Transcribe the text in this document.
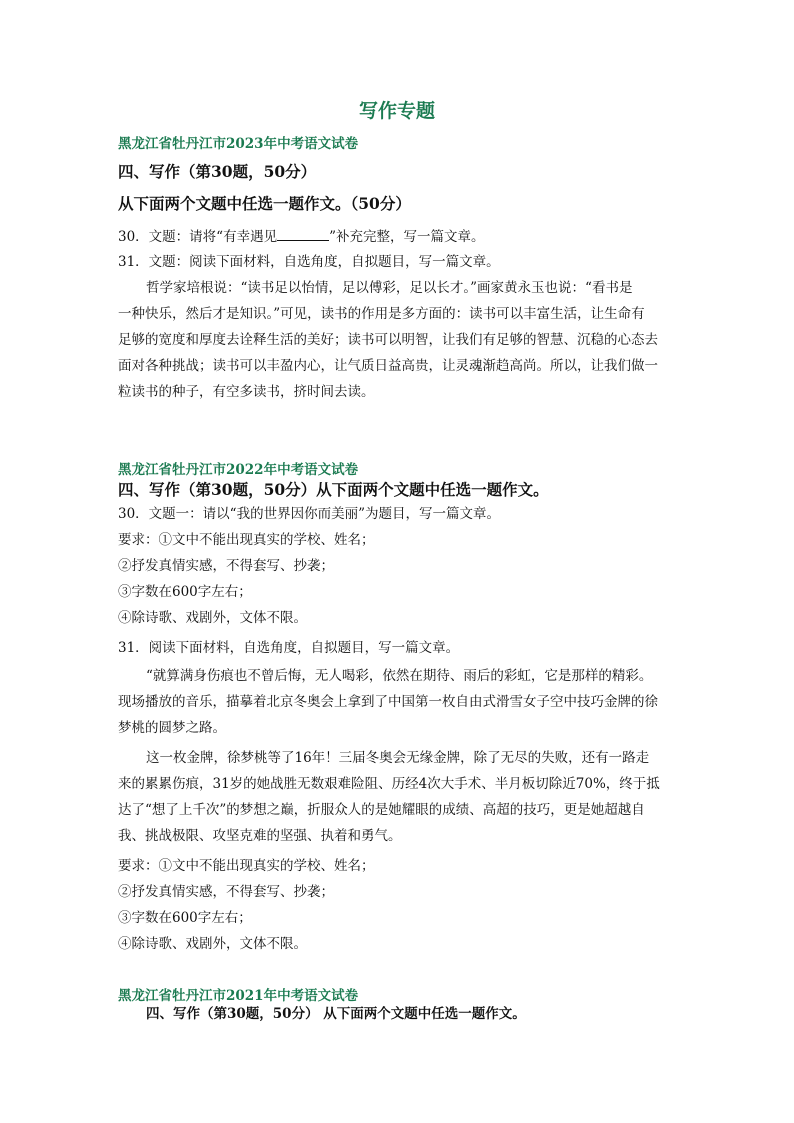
写作专题
黑龙江省牡丹江市2023年中考语文试卷
四、写作（第30题，50分）
从下面两个文题中任选一题作文。（50分）
30．文题：请将“有幸遇见	”补充完整，写一篇文章。
31．文题：阅读下面材料，自选角度，自拟题目，写一篇文章。
哲学家培根说：“读书足以怡情，足以傅彩，足以长才。”画家黄永玉也说：“看书是
一种快乐，然后才是知识。”可见，读书的作用是多方面的：读书可以丰富生活，让生命有
足够的宽度和厚度去诠释生活的美好；读书可以明智，让我们有足够的智慧、沉稳的心态去
面对各种挑战；读书可以丰盈内心，让气质日益高贵，让灵魂渐趋高尚。所以，让我们做一
粒读书的种子，有空多读书，挤时间去读。
黑龙江省牡丹江市2022年中考语文试卷
四、写作（第30题，50分）从下面两个文题中任选一题作文。
30．文题一：请以“我的世界因你而美丽”为题目，写一篇文章。
要求：①文中不能出现真实的学校、姓名；
②抒发真情实感，不得套写、抄袭；
③字数在600字左右；
④除诗歌、戏剧外，文体不限。
31．阅读下面材料，自选角度，自拟题目，写一篇文章。
“就算满身伤痕也不曾后悔，无人喝彩，依然在期待、雨后的彩虹，它是那样的精彩。
现场播放的音乐，描摹着北京冬奥会上拿到了中国第一枚自由式滑雪女子空中技巧金牌的徐
梦桃的圆梦之路。
这一枚金牌，徐梦桃等了16年！三届冬奥会无缘金牌，除了无尽的失败，还有一路走
来的累累伤痕，31岁的她战胜无数艰难险阻、历经4次大手术、半月板切除近70%，终于抵
达了“想了上千次”的梦想之巅，折服众人的是她耀眼的成绩、高超的技巧，更是她超越自
我、挑战极限、攻坚克难的坚强、执着和勇气。
要求：①文中不能出现真实的学校、姓名；
②抒发真情实感，不得套写、抄袭；
③字数在600字左右；
④除诗歌、戏剧外，文体不限。
黑龙江省牡丹江市2021年中考语文试卷
四、写作（第30题，50分） 从下面两个文题中任选一题作文。
